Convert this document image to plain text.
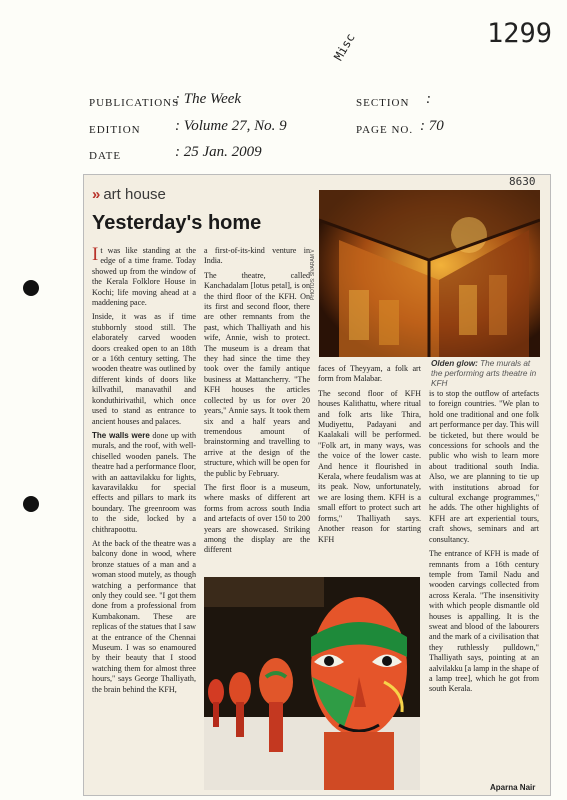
1299
Misc
PUBLICATIONS
: The Week	SECTION :
EDITION : Volume 27, No. 9	PAGE NO. : 70
DATE	: 25 Jan. 2009
8630
» art house
Yesterday's home

It was like standing at the edge of a time frame. Today showed up from the window of the Kerala Folklore House in Kochi; life moving ahead at a maddening pace.

Inside, it was as if time stubbornly stood still. The elaborately carved wooden doors creaked open to an 18th or a 16th century setting. The wooden theatre was outlined by different kinds of doors like killvathil, manavathil and konduthirivathil, which once used to stand as entrance to ancient houses and palaces.

The walls were done up with murals, and the roof, with well-chiselled wooden panels. The theatre had a performance floor, with an aattavilakku for lights, kavaravilakku for special effects and pillars to mark its boundary. The greenroom was to the side, locked by a chithrapoottu.

At the back of the theatre was a balcony done in wood, where bronze statues of a man and a woman stood mutely, as though watching a performance that only they could see. "I got them done from a professional from Kumbakonam. These are replicas of the statues that I saw at the entrance of the Chennai Museum. I was so enamoured by their beauty that I stood watching them for almost three hours," says George Thalliyath, the brain behind the KFH,

a first-of-its-kind venture in India.

The theatre, called Kanchadalam [lotus petal], is on the third floor of the KFH. On its first and second floor, there are other remnants from the past, which Thalliyath and his wife, Annie, wish to protect. The museum is a dream that they had since the time they took over the family antique business at Mattancherry. "The KFH houses the articles collected by us for over 20 years," Annie says. It took them six and a half years and tremendous amount of brainstorming and travelling to arrive at the design of the structure, which will be open for the public by February.

The first floor is a museum, where masks of different art forms from across south India and artefacts of over 150 to 200 years are showcased. Striking among the display are the different

faces of Theyyam, a folk art form from Malabar.

The second floor of KFH houses Kalithattu, where ritual and folk arts like Thira, Mudiyettu, Padayani and Kaalakali will be performed. "Folk art, in many ways, was the voice of the lower caste. And hence it flourished in Kerala, where feudalism was at its peak. Now, unfortunately, we are losing them. KFH is a small effort to protect such art forms," Thalliyath says. Another reason for starting KFH

is to stop the outflow of artefacts to foreign countries. "We plan to hold one traditional and one folk art performance per day. This will be ticketed, but there would be concessions for schools and the public who wish to learn more about traditional south India. Also, we are planning to tie up with institutions abroad for cultural exchange programmes," he adds. The other highlights of KFH are art experiential tours, craft shows, seminars and art consultancy.

The entrance of KFH is made of remnants from a 16th century temple from Tamil Nadu and wooden carvings collected from across Kerala. "The insensitivity with which people dismantle old houses is appalling. It is the sweat and blood of the labourers and the mark of a civilisation that they ruthlessly pulldown," Thalliyath says, pointing at an aalvilakku [a lamp in the shape of a lamp tree], which he got from south Kerala.

PHOTOS: SIVARAM V
Olden glow: The murals at the performing arts theatre in KFH
Aparna Nair
